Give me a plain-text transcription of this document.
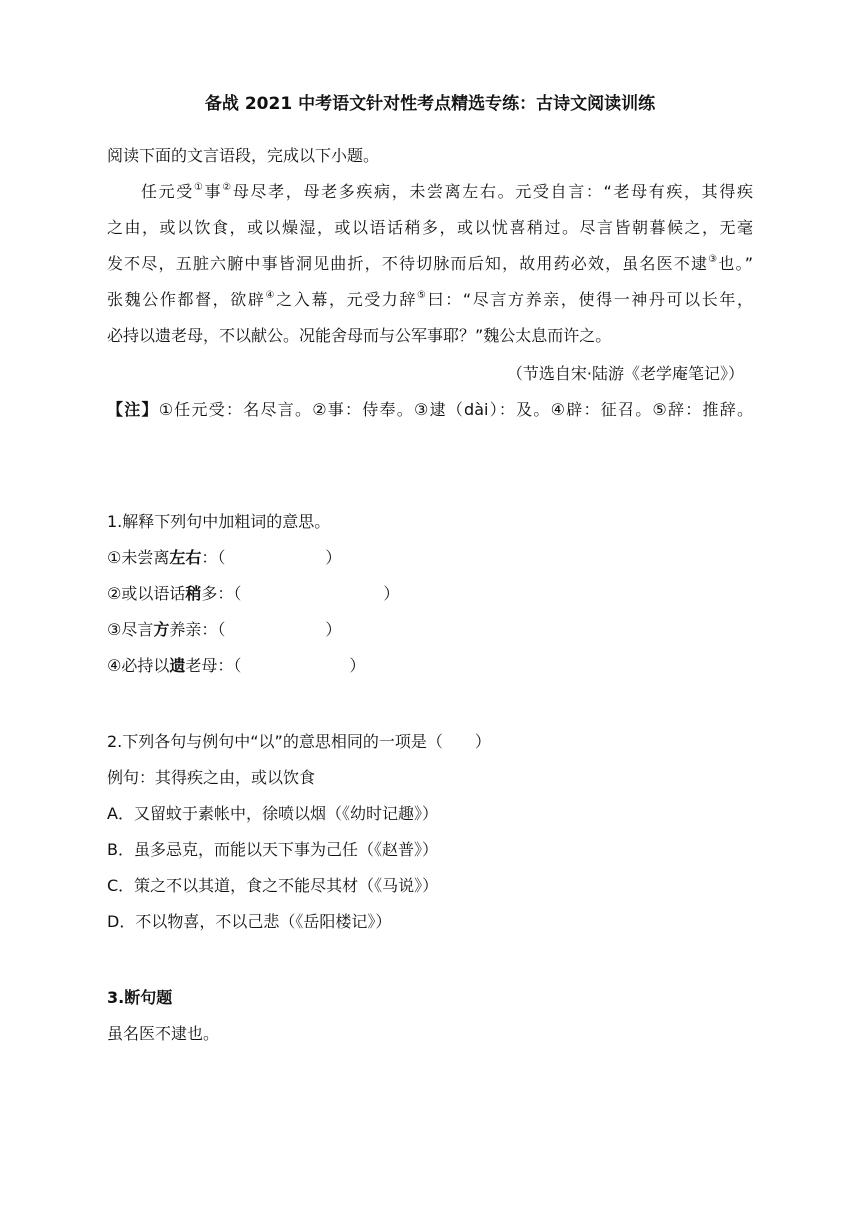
备战 2021 中考语文针对性考点精选专练：古诗文阅读训练
阅读下面的文言语段，完成以下小题。
任元受①事②母尽孝，母老多疾病，未尝离左右。元受自言：“老母有疾，其得疾
之由，或以饮食，或以燥湿，或以语话稍多，或以忧喜稍过。尽言皆朝暮候之，无毫
发不尽，五脏六腑中事皆洞见曲折，不待切脉而后知，故用药必效，虽名医不逮③也。”
张魏公作都督，欲辟④之入幕，元受力辞⑤曰：“尽言方养亲，使得一神丹可以长年，
必持以遗老母，不以献公。况能舍母而与公军事耶？”魏公太息而许之。
（节选自宋·陆游《老学庵笔记》）
【注】①任元受：名尽言。②事：侍奉。③逮（dài）：及。④辟：征召。⑤辞：推辞。
1.解释下列句中加粗词的意思。
①未尝离左右：（	）
②或以语话稍多：（	）
③尽言方养亲：（	）
④必持以遗老母：（	）
2.下列各句与例句中“以”的意思相同的一项是（　　）
例句：其得疾之由，或以饮食
A．又留蚊于素帐中，徐喷以烟（《幼时记趣》）
B．虽多忌克，而能以天下事为己任（《赵普》）
C．策之不以其道，食之不能尽其材（《马说》）
D．不以物喜，不以己悲（《岳阳楼记》）
3.断句题
虽名医不逮也。
